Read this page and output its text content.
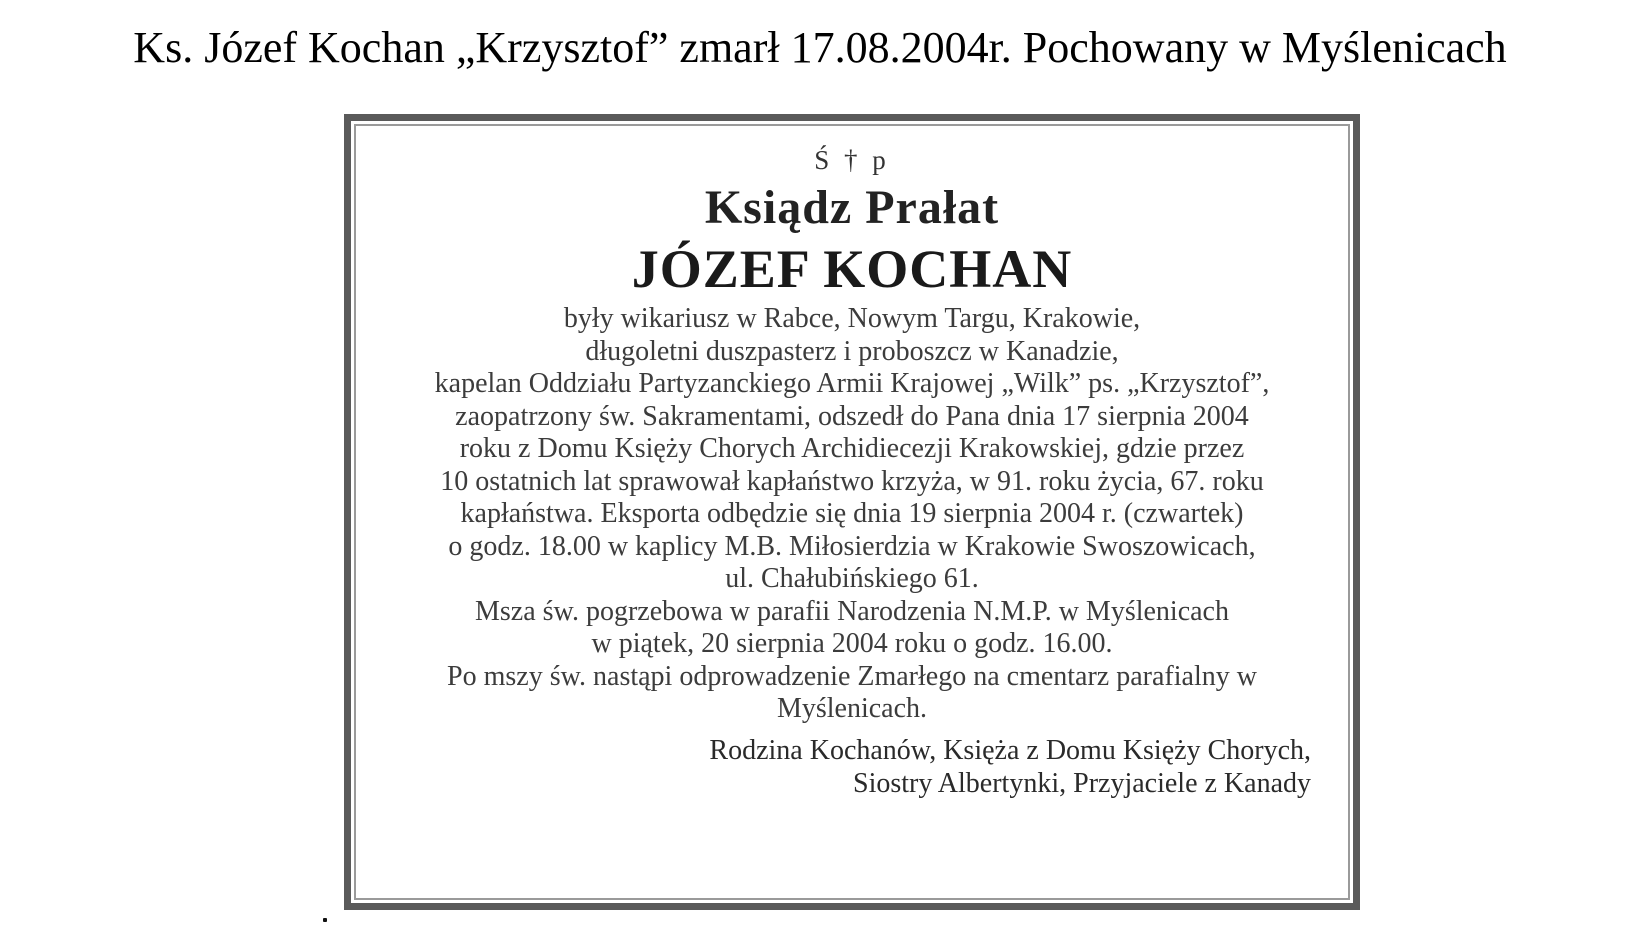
Ks. Józef Kochan „Krzysztof” zmarł 17.08.2004r. Pochowany w Myślenicach
Ś † p
Ksiądz Prałat
JÓZEF KOCHAN
były wikariusz w Rabce, Nowym Targu, Krakowie,
długoletni duszpasterz i proboszcz w Kanadzie,
kapelan Oddziału Partyzanckiego Armii Krajowej „Wilk” ps. „Krzysztof”,
zaopatrzony św. Sakramentami, odszedł do Pana dnia 17 sierpnia 2004
roku z Domu Księży Chorych Archidiecezji Krakowskiej, gdzie przez
10 ostatnich lat sprawował kapłaństwo krzyża, w 91. roku życia, 67. roku
kapłaństwa. Eksporta odbędzie się dnia 19 sierpnia 2004 r. (czwartek)
o godz. 18.00 w kaplicy M.B. Miłosierdzia w Krakowie Swoszowicach,
ul. Chałubińskiego 61.
Msza św. pogrzebowa w parafii Narodzenia N.M.P. w Myślenicach
w piątek, 20 sierpnia 2004 roku o godz. 16.00.
Po mszy św. nastąpi odprowadzenie Zmarłego na cmentarz parafialny w
Myślenicach.
Rodzina Kochanów, Księża z Domu Księży Chorych,
Siostry Albertynki, Przyjaciele z Kanady
